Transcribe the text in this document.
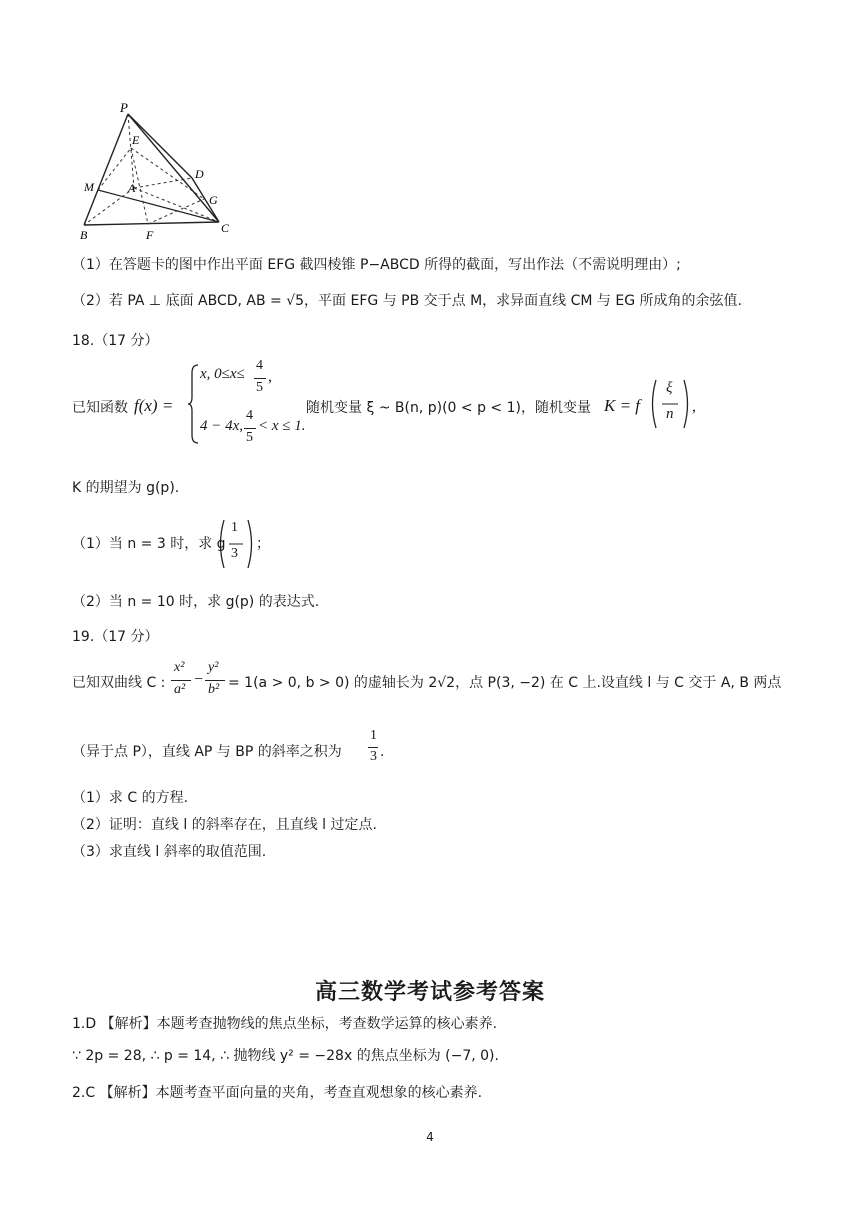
P
E
D
M	A
G
B	F	C
（1）在答题卡的图中作出平面 EFG 截四棱锥 P−ABCD 所得的截面，写出作法（不需说明理由）;
（2）若 PA ⊥ 底面 ABCD, AB = √5，平面 EFG 与 PB 交于点 M，求异面直线 CM 与 EG 所成角的余弦值.
18.（17 分）
已知函数 f(x) =
x, 0≤x≤
4
5
,
4 − 4x,
4
5
< x ≤ 1.
随机变量 ξ ~ B(n, p)(0 < p < 1)，随机变量 K = f
ξ
n ,
K 的期望为 g(p).
（1）当 n = 3 时，求 g
1
3
；
（2）当 n = 10 时，求 g(p) 的表达式.
19.（17 分）
已知双曲线 C :
x²
a²
−
y²
b² = 1(a > 0, b > 0) 的虚轴长为 2√2，点 P(3, −2) 在 C 上.设直线 l 与 C 交于 A, B 两点
（异于点 P），直线 AP 与 BP 的斜率之积为
1
3 .
（1）求 C 的方程.
（2）证明：直线 l 的斜率存在，且直线 l 过定点.
（3）求直线 l 斜率的取值范围.
高三数学考试参考答案
1.D 【解析】本题考查抛物线的焦点坐标，考查数学运算的核心素养.
∵ 2p = 28, ∴ p = 14, ∴ 抛物线 y² = −28x 的焦点坐标为 (−7, 0).
2.C 【解析】本题考查平面向量的夹角，考查直观想象的核心素养.
4
